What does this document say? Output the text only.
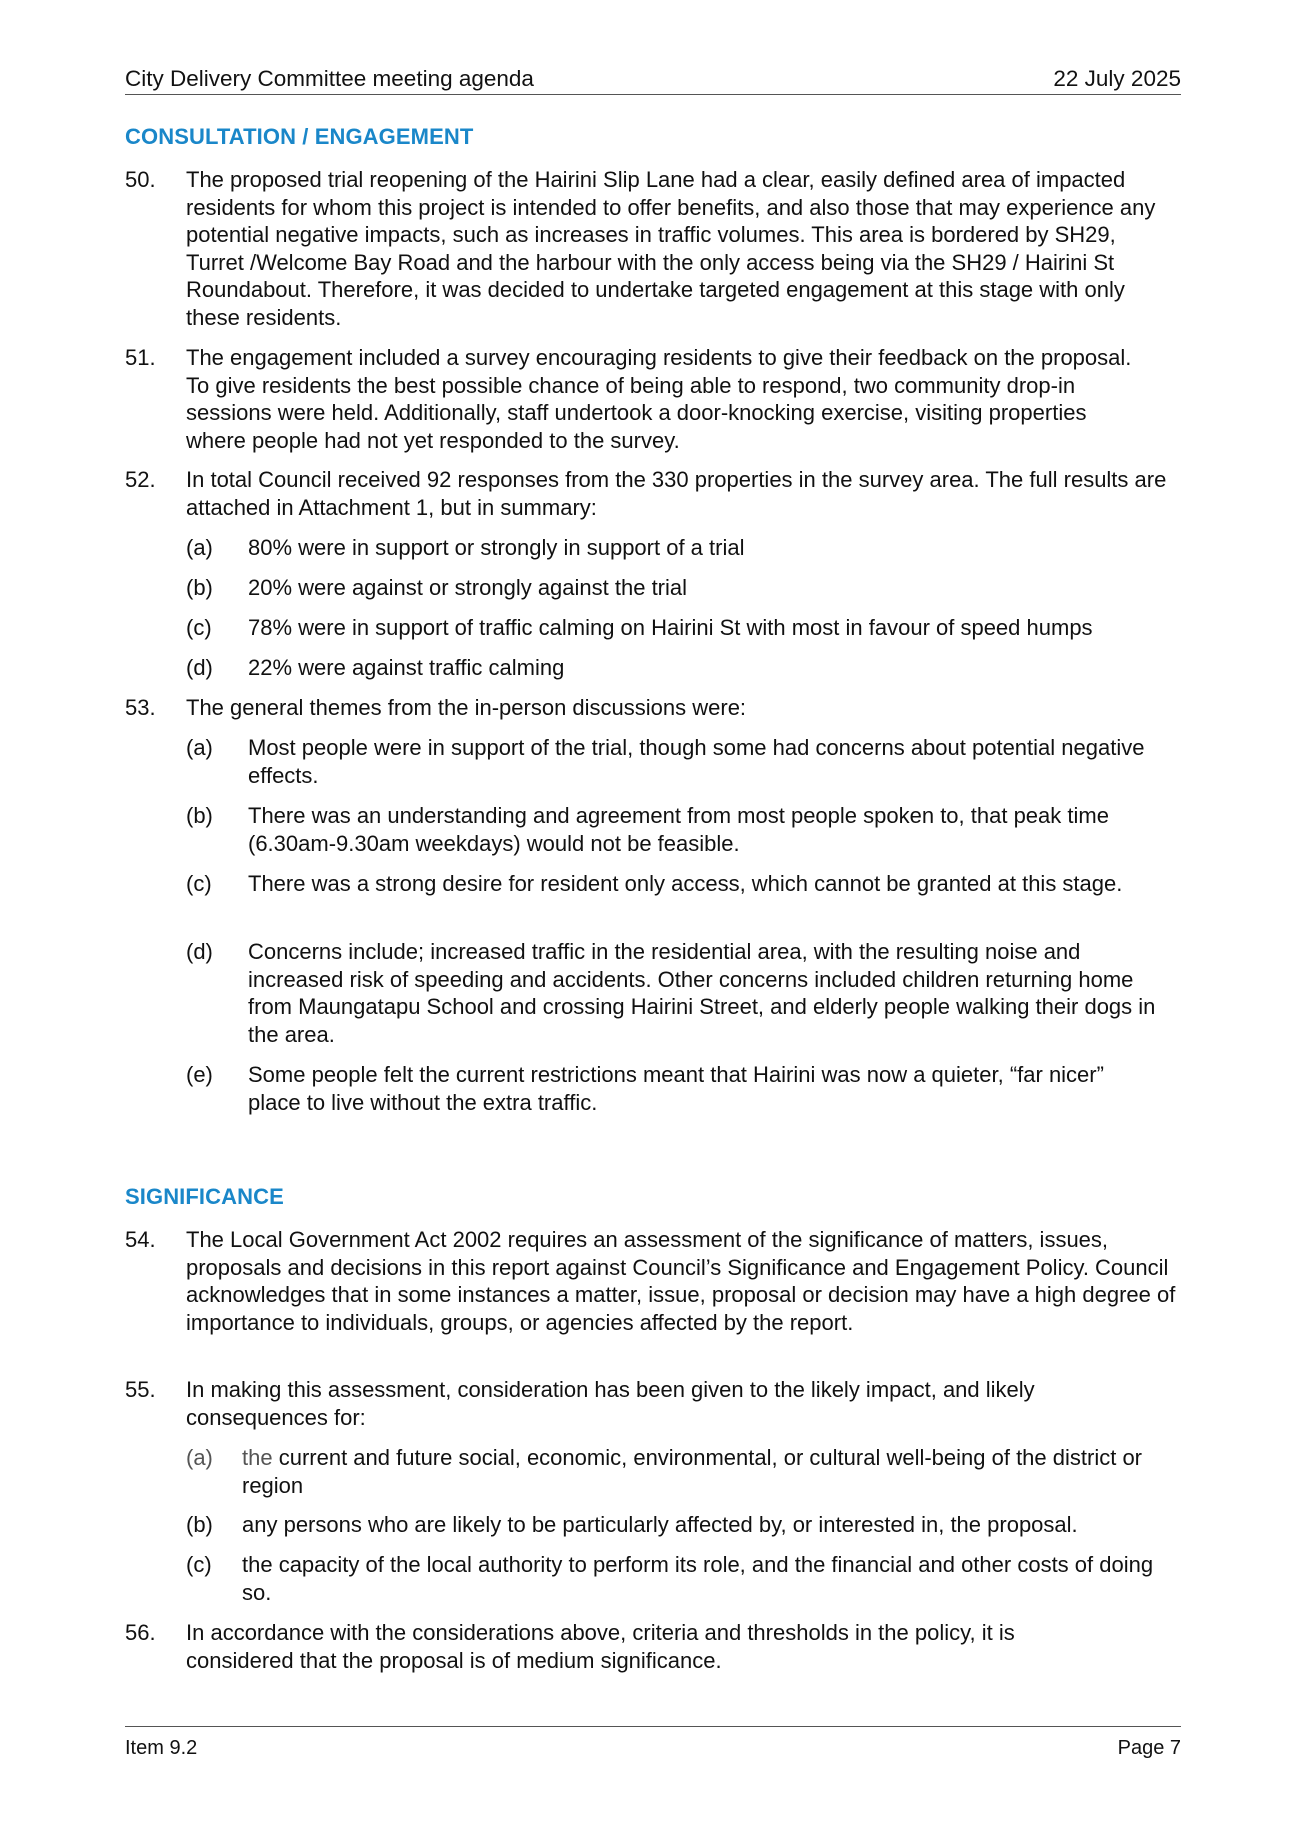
City Delivery Committee meeting agenda	22 July 2025
CONSULTATION / ENGAGEMENT
50. The proposed trial reopening of the Hairini Slip Lane had a clear, easily defined area of impacted residents for whom this project is intended to offer benefits, and also those that may experience any potential negative impacts, such as increases in traffic volumes. This area is bordered by SH29, Turret /Welcome Bay Road and the harbour with the only access being via the SH29 / Hairini St Roundabout. Therefore, it was decided to undertake targeted engagement at this stage with only these residents.
51. The engagement included a survey encouraging residents to give their feedback on the proposal. To give residents the best possible chance of being able to respond, two community drop-in sessions were held. Additionally, staff undertook a door-knocking exercise, visiting properties where people had not yet responded to the survey.
52. In total Council received 92 responses from the 330 properties in the survey area. The full results are attached in Attachment 1, but in summary:
(a) 80% were in support or strongly in support of a trial
(b) 20% were against or strongly against the trial
(c) 78% were in support of traffic calming on Hairini St with most in favour of speed humps
(d) 22% were against traffic calming
53. The general themes from the in-person discussions were:
(a) Most people were in support of the trial, though some had concerns about potential negative effects.
(b) There was an understanding and agreement from most people spoken to, that peak time (6.30am-9.30am weekdays) would not be feasible.
(c) There was a strong desire for resident only access, which cannot be granted at this stage.
(d) Concerns include; increased traffic in the residential area, with the resulting noise and increased risk of speeding and accidents. Other concerns included children returning home from Maungatapu School and crossing Hairini Street, and elderly people walking their dogs in the area.
(e) Some people felt the current restrictions meant that Hairini was now a quieter, “far nicer” place to live without the extra traffic.
SIGNIFICANCE
54. The Local Government Act 2002 requires an assessment of the significance of matters, issues, proposals and decisions in this report against Council’s Significance and Engagement Policy. Council acknowledges that in some instances a matter, issue, proposal or decision may have a high degree of importance to individuals, groups, or agencies affected by the report.
55. In making this assessment, consideration has been given to the likely impact, and likely consequences for:
(a) the current and future social, economic, environmental, or cultural well-being of the district or region
(b) any persons who are likely to be particularly affected by, or interested in, the proposal.
(c) the capacity of the local authority to perform its role, and the financial and other costs of doing so.
56. In accordance with the considerations above, criteria and thresholds in the policy, it is considered that the proposal is of medium significance.
Item 9.2	Page 7
